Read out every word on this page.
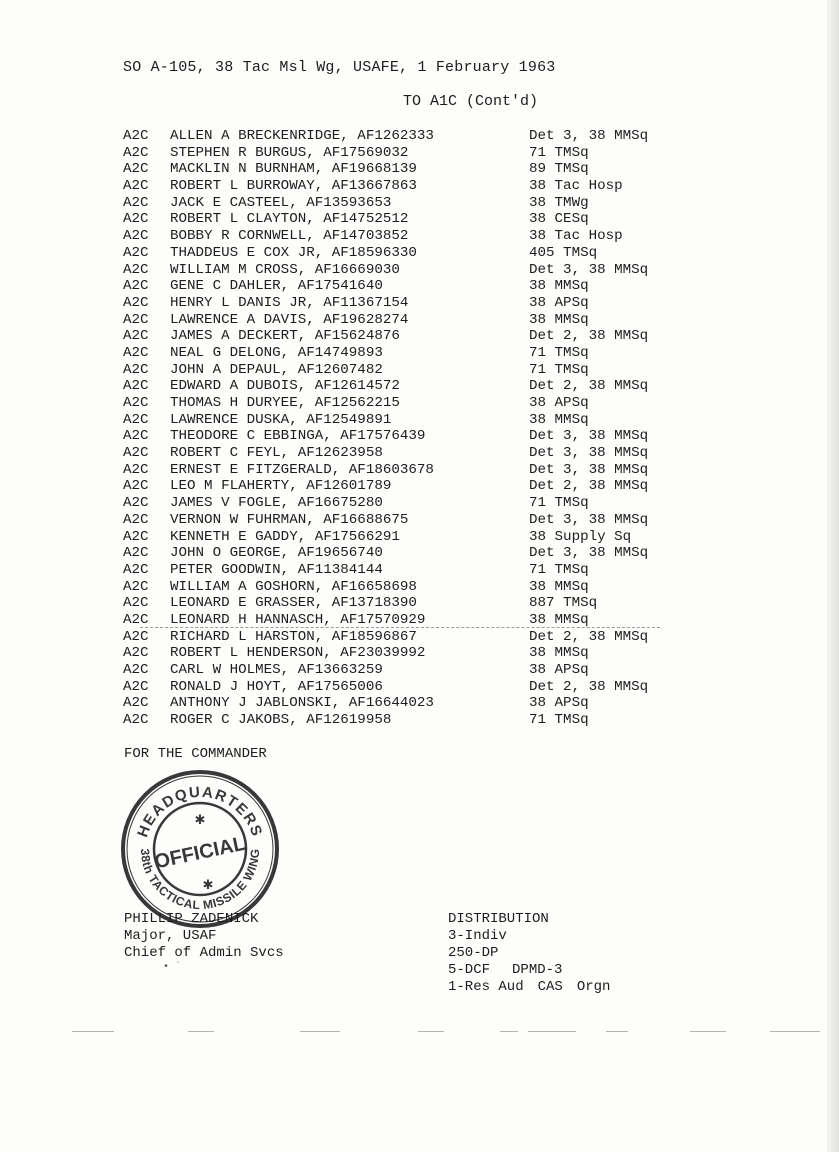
SO A-105, 38 Tac Msl Wg, USAFE, 1 February 1963
TO A1C (Cont'd)
A2C ALLEN A BRECKENRIDGE, AF1262333	Det 3, 38 MMSq
A2C STEPHEN R BURGUS, AF17569032	71 TMSq
A2C MACKLIN N BURNHAM, AF19668139	89 TMSq
A2C ROBERT L BURROWAY, AF13667863	38 Tac Hosp
A2C JACK E CASTEEL, AF13593653	38 TMWg
A2C ROBERT L CLAYTON, AF14752512	38 CESq
A2C BOBBY R CORNWELL, AF14703852	38 Tac Hosp
A2C THADDEUS E COX JR, AF18596330	405 TMSq
A2C WILLIAM M CROSS, AF16669030	Det 3, 38 MMSq
A2C GENE C DAHLER, AF17541640	38 MMSq
A2C HENRY L DANIS JR, AF11367154	38 APSq
A2C LAWRENCE A DAVIS, AF19628274	38 MMSq
A2C JAMES A DECKERT, AF15624876	Det 2, 38 MMSq
A2C NEAL G DELONG, AF14749893	71 TMSq
A2C JOHN A DEPAUL, AF12607482	71 TMSq
A2C EDWARD A DUBOIS, AF12614572	Det 2, 38 MMSq
A2C THOMAS H DURYEE, AF12562215	38 APSq
A2C LAWRENCE DUSKA, AF12549891	38 MMSq
A2C THEODORE C EBBINGA, AF17576439	Det 3, 38 MMSq
A2C ROBERT C FEYL, AF12623958	Det 3, 38 MMSq
A2C ERNEST E FITZGERALD, AF18603678	Det 3, 38 MMSq
A2C LEO M FLAHERTY, AF12601789	Det 2, 38 MMSq
A2C JAMES V FOGLE, AF16675280	71 TMSq
A2C VERNON W FUHRMAN, AF16688675	Det 3, 38 MMSq
A2C KENNETH E GADDY, AF17566291	38 Supply Sq
A2C JOHN O GEORGE, AF19656740	Det 3, 38 MMSq
A2C PETER GOODWIN, AF11384144	71 TMSq
A2C WILLIAM A GOSHORN, AF16658698	38 MMSq
A2C LEONARD E GRASSER, AF13718390	887 TMSq
A2C LEONARD H HANNASCH, AF17570929	38 MMSq
A2C RICHARD L HARSTON, AF18596867	Det 2, 38 MMSq
A2C ROBERT L HENDERSON, AF23039992	38 MMSq
A2C CARL W HOLMES, AF13663259	38 APSq
A2C RONALD J HOYT, AF17565006	Det 2, 38 MMSq
A2C ANTHONY J JABLONSKI, AF16644023	38 APSq
A2C ROGER C JAKOBS, AF12619958	71 TMSq
FOR THE COMMANDER
HEADQUARTERS
38th TACTICAL MISSILE WING
✱
OFFICIAL
✱
PHILLIP ZADENICK
Major, USAF
Chief of Admin Svcs
• ˙
DISTRIBUTION
3-Indiv
250-DP
5-DCF DPMD-3
1-Res Aud CAS Orgn
